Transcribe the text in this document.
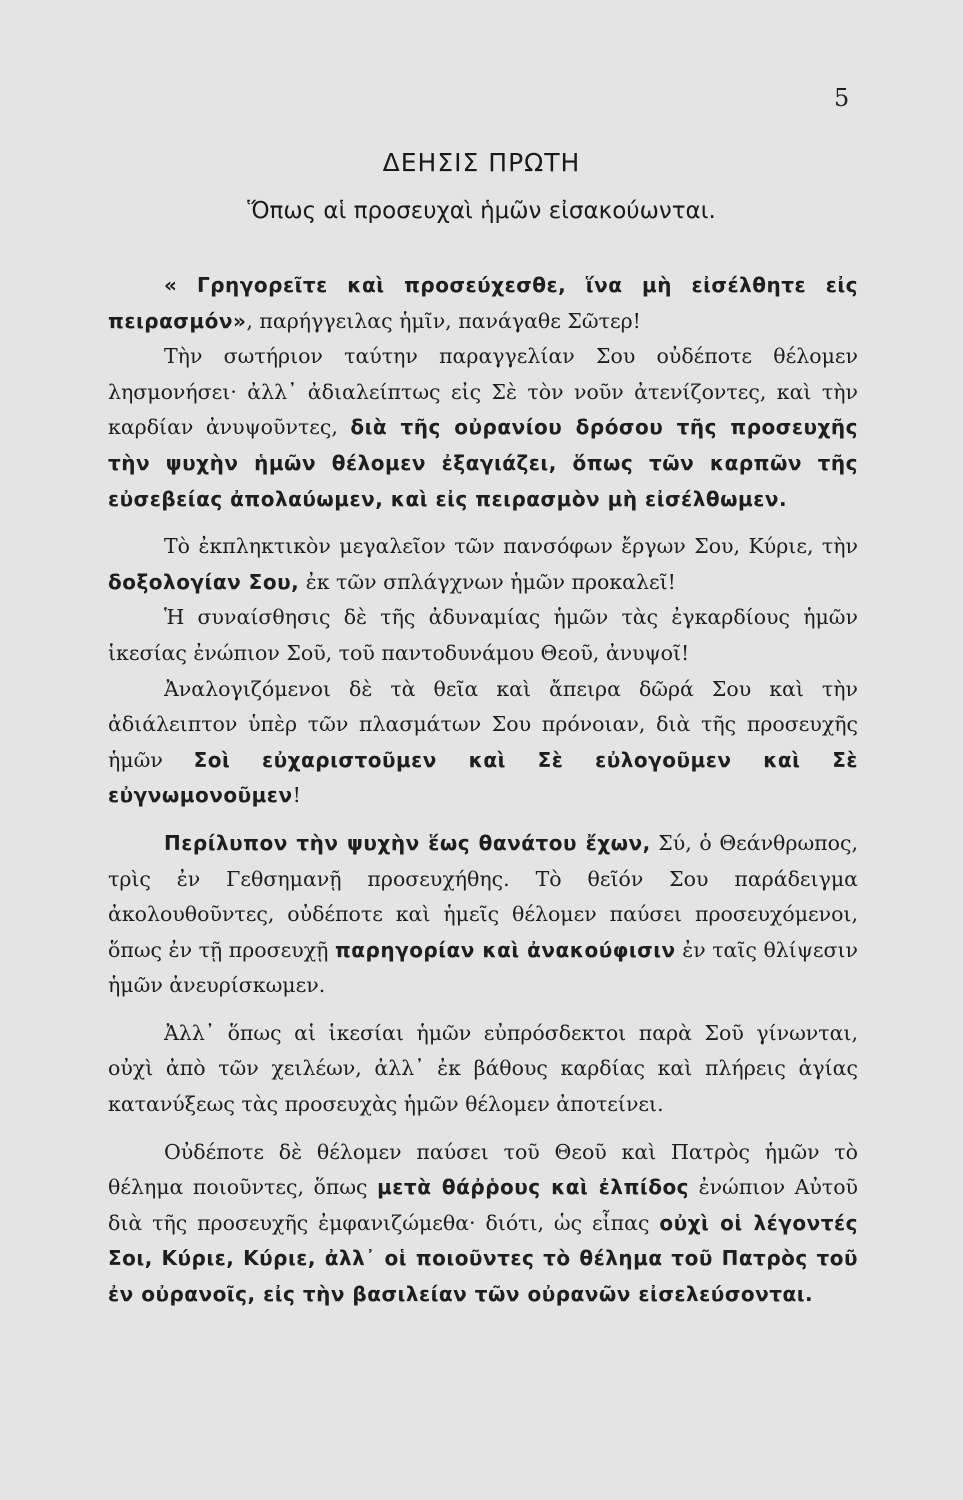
5
ΔΕΗΣΙΣ ΠΡΩΤΗ
Ὅπως αἱ προσευχαὶ ἡμῶν εἰσακούωνται.

« Γρηγορεῖτε καὶ προσεύχεσθε, ἵνα μὴ εἰσέλθητε εἰς πειρασμόν», παρήγγειλας ἡμῖν, πανάγαθε Σῶτερ!

Τὴν σωτήριον ταύτην παραγγελίαν Σου οὐδέποτε θέλομεν λησμονήσει· ἀλλ᾽ ἀδιαλείπτως εἰς Σὲ τὸν νοῦν ἀτενίζοντες, καὶ τὴν καρδίαν ἀνυψοῦντες, διὰ τῆς οὐρανίου δρόσου τῆς προσευχῆς τὴν ψυχὴν ἡμῶν θέλομεν ἐξαγιάζει, ὅπως τῶν καρπῶν τῆς εὐσεβείας ἀπολαύωμεν, καὶ εἰς πειρασμὸν μὴ εἰσέλθωμεν.

Τὸ ἐκπληκτικὸν μεγαλεῖον τῶν πανσόφων ἔργων Σου, Κύριε, τὴν δοξολογίαν Σου, ἐκ τῶν σπλάγχνων ἡμῶν προκαλεῖ!

Ἡ συναίσθησις δὲ τῆς ἀδυναμίας ἡμῶν τὰς ἐγκαρδίους ἡμῶν ἱκεσίας ἐνώπιον Σοῦ, τοῦ παντοδυνάμου Θεοῦ, ἀνυψοῖ!

Ἀναλογιζόμενοι δὲ τὰ θεῖα καὶ ἄπειρα δῶρά Σου καὶ τὴν ἀδιάλειπτον ὑπὲρ τῶν πλασμάτων Σου πρόνοιαν, διὰ τῆς προσευχῆς ἡμῶν Σοὶ εὐχαριστοῦμεν καὶ Σὲ εὐλογοῦμεν καὶ Σὲ εὐγνωμονοῦμεν!

Περίλυπον τὴν ψυχὴν ἕως θανάτου ἔχων, Σύ, ὁ Θεάνθρωπος, τρὶς ἐν Γεθσημανῇ προσευχήθης. Τὸ θεῖόν Σου παράδειγμα ἀκολουθοῦντες, οὐδέποτε καὶ ἡμεῖς θέλομεν παύσει προσευχόμενοι, ὅπως ἐν τῇ προσευχῇ παρηγορίαν καὶ ἀνακούφισιν ἐν ταῖς θλίψεσιν ἡμῶν ἀνευρίσκωμεν.

Ἀλλ᾽ ὅπως αἱ ἱκεσίαι ἡμῶν εὐπρόσδεκτοι παρὰ Σοῦ γίνωνται, οὐχὶ ἀπὸ τῶν χειλέων, ἀλλ᾽ ἐκ βάθους καρδίας καὶ πλήρεις ἁγίας κατανύξεως τὰς προσευχὰς ἡμῶν θέλομεν ἀποτείνει.

Οὐδέποτε δὲ θέλομεν παύσει τοῦ Θεοῦ καὶ Πατρὸς ἡμῶν τὸ θέλημα ποιοῦντες, ὅπως μετὰ θάῤῥους καὶ ἐλπίδος ἐνώπιον Αὐτοῦ διὰ τῆς προσευχῆς ἐμφανιζώμεθα· διότι, ὡς εἶπας οὐχὶ οἱ λέγοντές Σοι, Κύριε, Κύριε, ἀλλ᾽ οἱ ποιοῦντες τὸ θέλημα τοῦ Πατρὸς τοῦ ἐν οὐρανοῖς, εἰς τὴν βασιλείαν τῶν οὐρανῶν εἰσελεύσονται.
